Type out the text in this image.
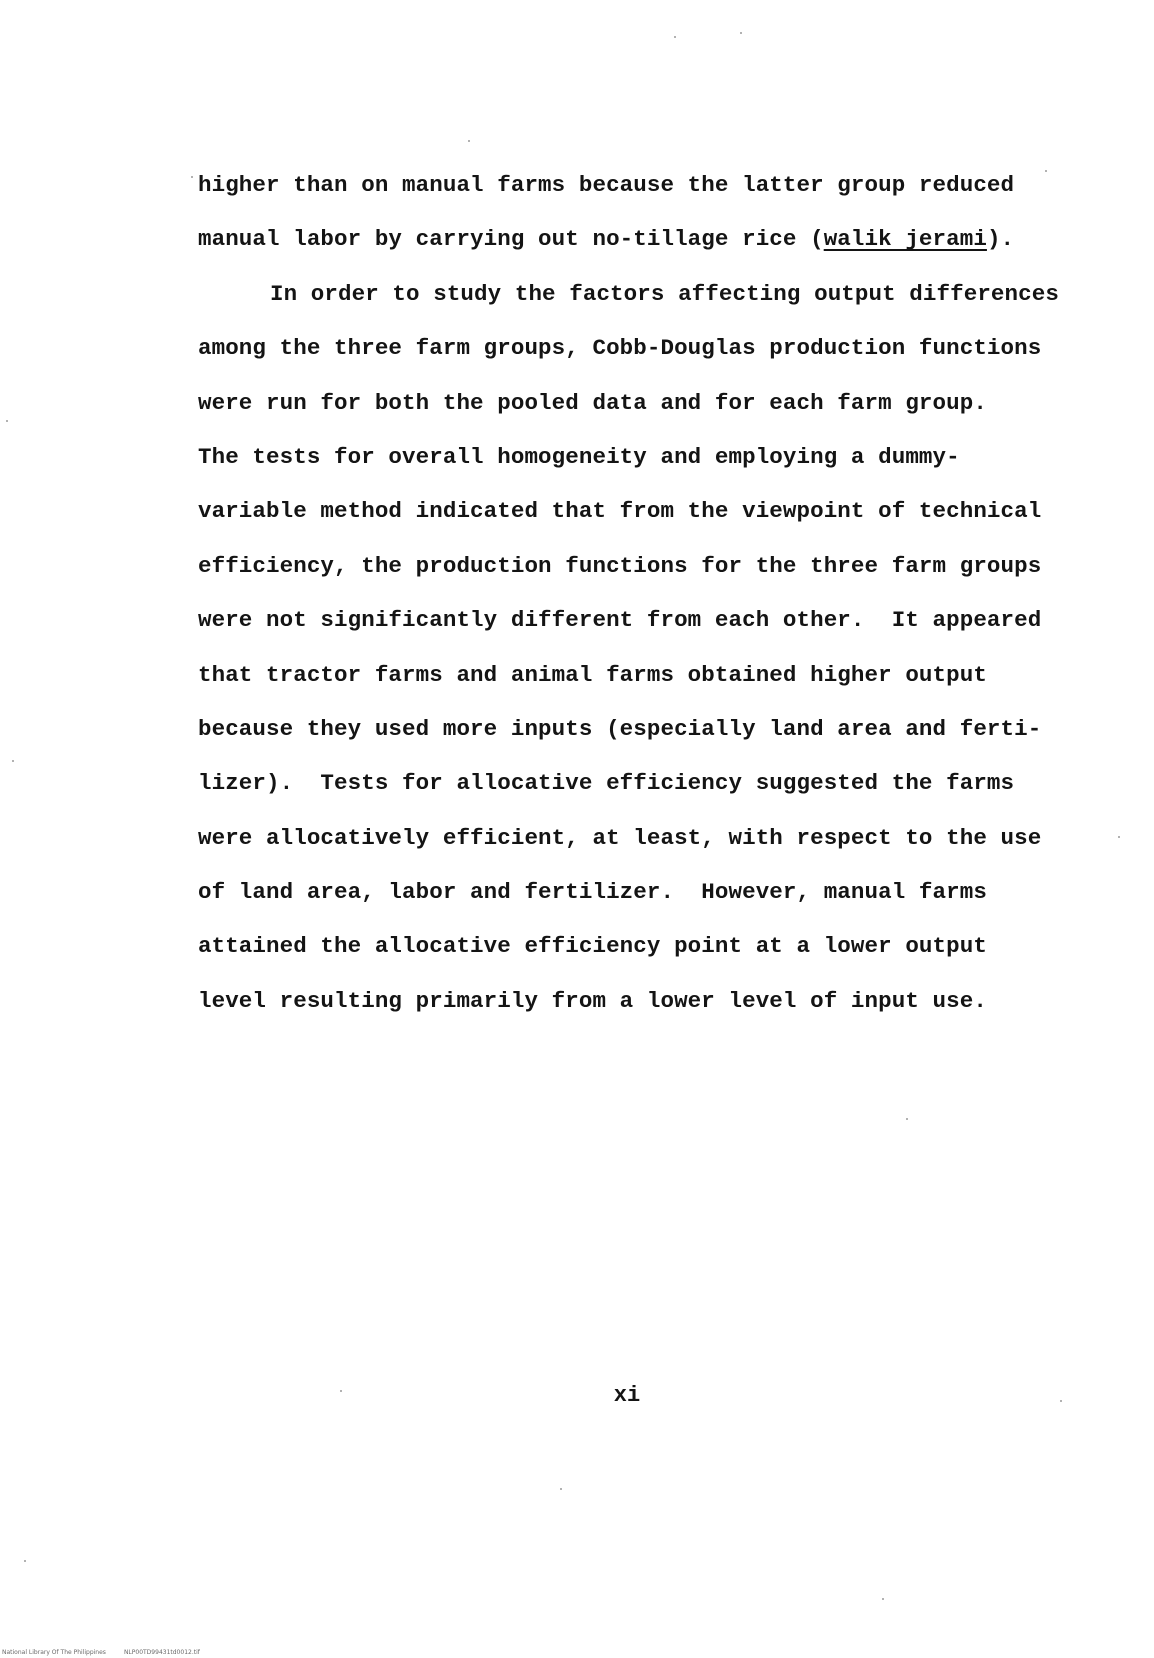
higher than on manual farms because the latter group reduced
manual labor by carrying out no-tillage rice (walik jerami).
In order to study the factors affecting output differences
among the three farm groups, Cobb-Douglas production functions
were run for both the pooled data and for each farm group.
The tests for overall homogeneity and employing a dummy-
variable method indicated that from the viewpoint of technical
efficiency, the production functions for the three farm groups
were not significantly different from each other.  It appeared
that tractor farms and animal farms obtained higher output
because they used more inputs (especially land area and ferti-
lizer).  Tests for allocative efficiency suggested the farms
were allocatively efficient, at least, with respect to the use
of land area, labor and fertilizer.  However, manual farms
attained the allocative efficiency point at a lower output
level resulting primarily from a lower level of input use.
xi
National Library Of The Philippines	NLP00TD99431td0012.tif
